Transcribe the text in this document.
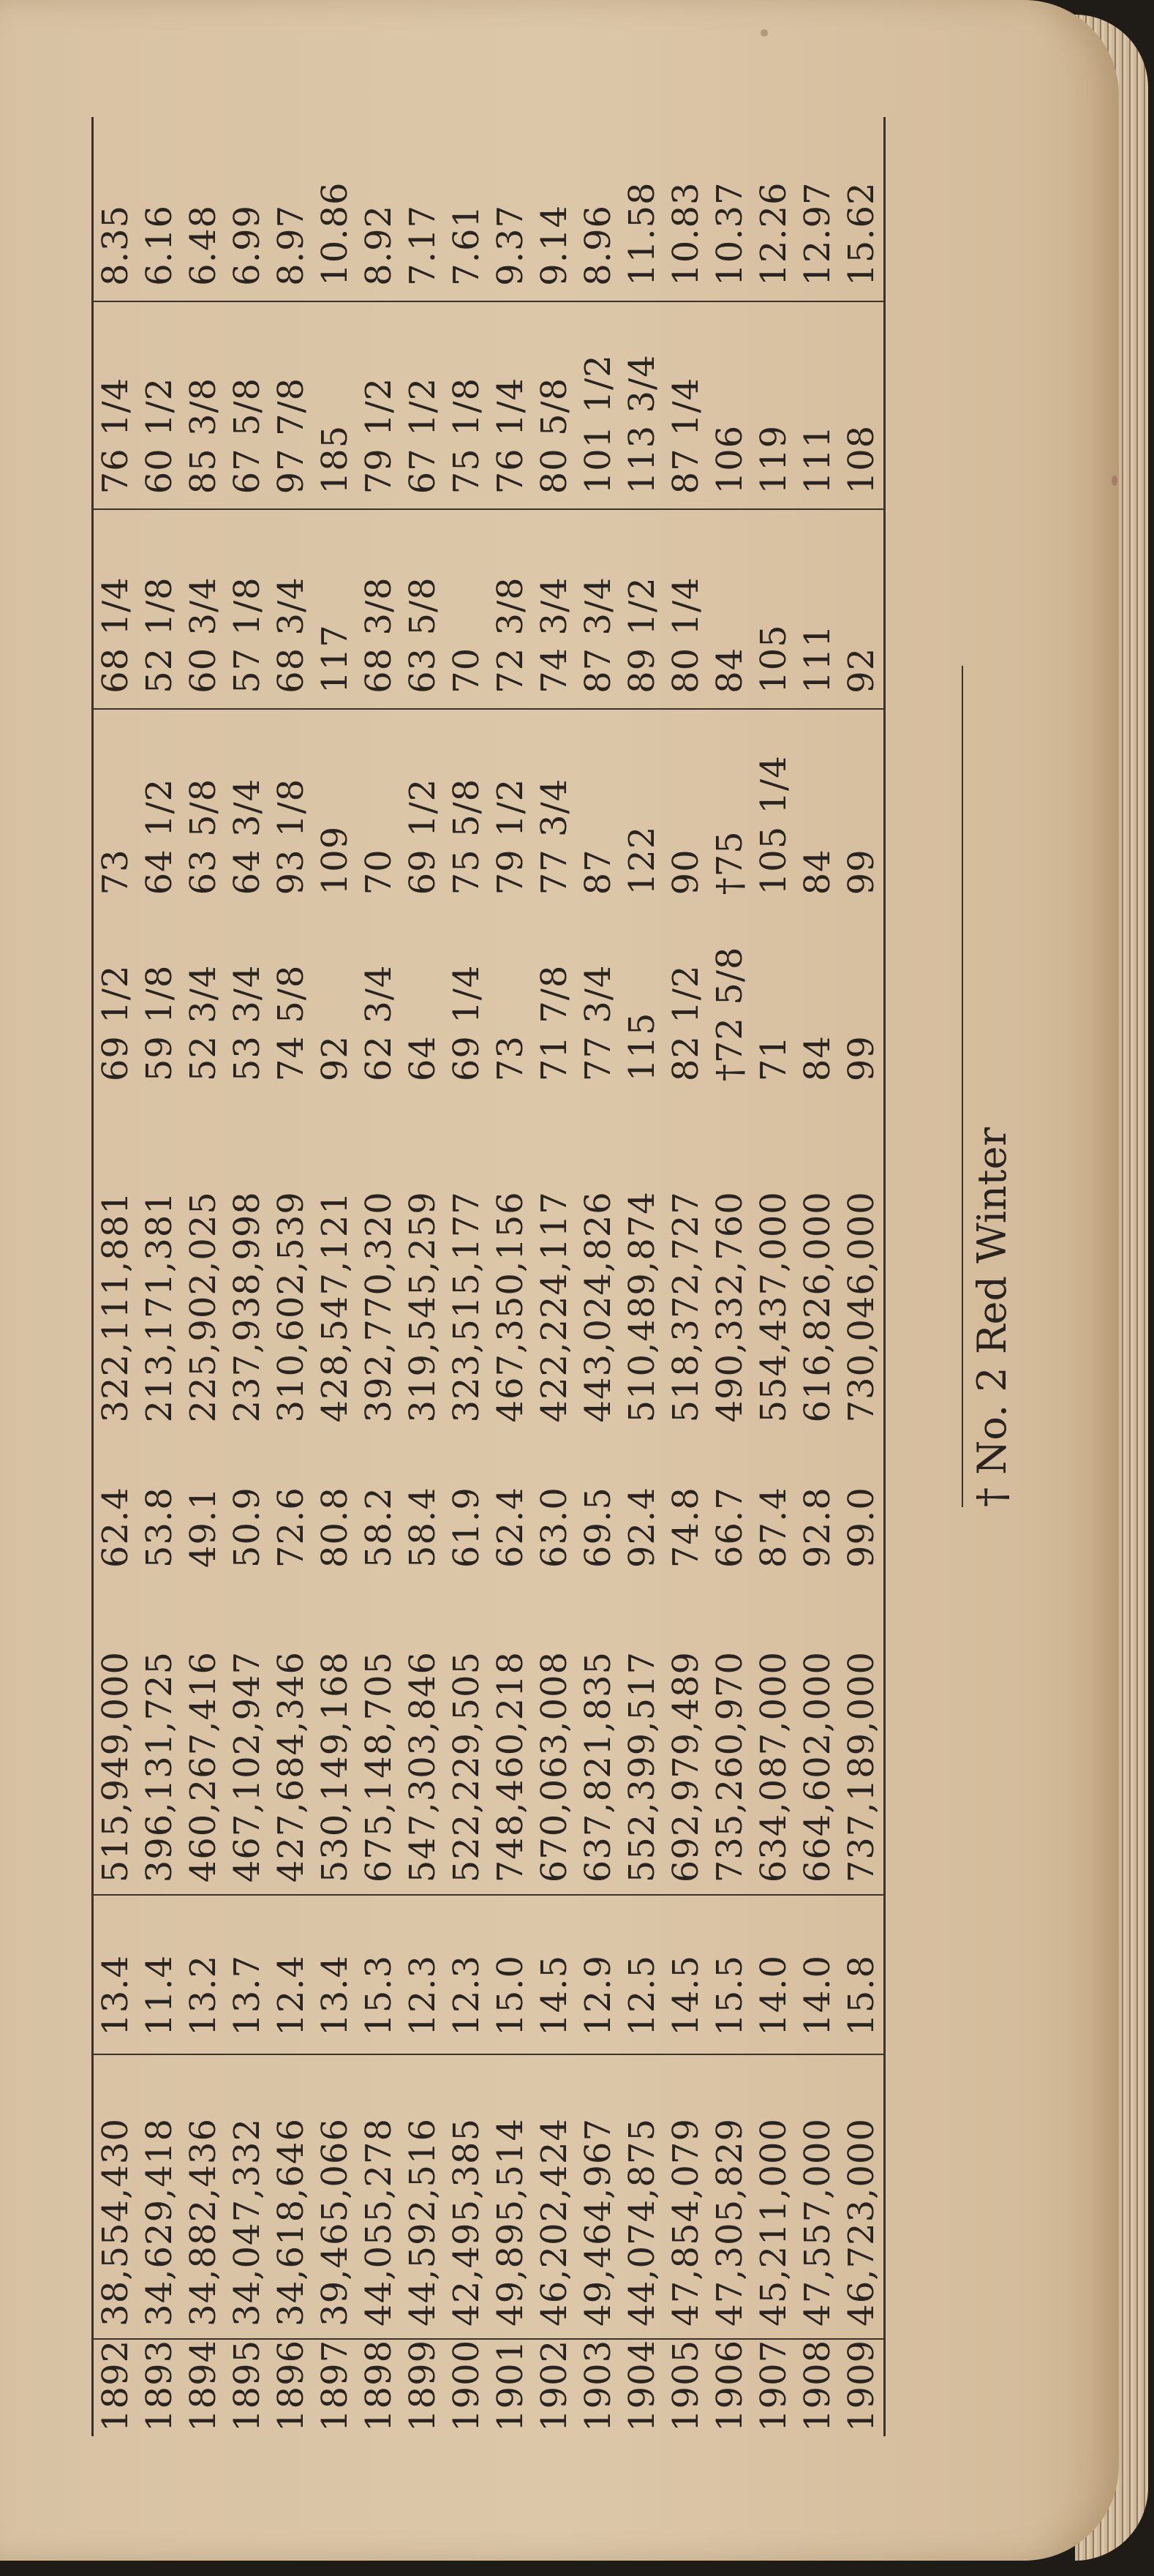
1892	38,554,430	13.4	515,949,000	62.4	322,111,881	69 1/2	73	68 1/4	76 1/4	8.35
1893	34,629,418	11.4	396,131,725	53.8	213,171,381	59 1/8	64 1/2	52 1/8	60 1/2	6.16
1894	34,882,436	13.2	460,267,416	49.1	225,902,025	52 3/4	63 5/8	60 3/4	85 3/8	6.48
1895	34,047,332	13.7	467,102,947	50.9	237,938,998	53 3/4	64 3/4	57 1/8	67 5/8	6.99
1896	34,618,646	12.4	427,684,346	72.6	310,602,539	74 5/8	93 1/8	68 3/4	97 7/8	8.97
1897	39,465,066	13.4	530,149,168	80.8	428,547,121	92	109	117	185	10.86
1898	44,055,278	15.3	675,148,705	58.2	392,770,320	62 3/4	70	68 3/8	79 1/2	8.92
1899	44,592,516	12.3	547,303,846	58.4	319,545,259	64	69 1/2	63 5/8	67 1/2	7.17
1900	42,495,385	12.3	522,229,505	61.9	323,515,177	69 1/4	75 5/8	70	75 1/8	7.61
1901	49,895,514	15.0	748,460,218	62.4	467,350,156	73	79 1/2	72 3/8	76 1/4	9.37
1902	46,202,424	14.5	670,063,008	63.0	422,224,117	71 7/8	77 3/4	74 3/4	80 5/8	9.14
1903	49,464,967	12.9	637,821,835	69.5	443,024,826	77 3/4	87	87 3/4	101 1/2	8.96
1904	44,074,875	12.5	552,399,517	92.4	510,489,874	115	122	89 1/2	113 3/4	11.58
1905	47,854,079	14.5	692,979,489	74.8	518,372,727	82 1/2	90	80 1/4	87 1/4	10.83
1906	47,305,829	15.5	735,260,970	66.7	490,332,760	†72 5/8	†75	84	106	10.37
1907	45,211,000	14.0	634,087,000	87.4	554,437,000	71	105 1/4	105	119	12.26
1908	47,557,000	14.0	664,602,000	92.8	616,826,000	84	84	111	111	12.97
1909	46,723,000	15.8	737,189,000	99.0	730,046,000	99	99	92	108	15.62
† No. 2 Red Winter
